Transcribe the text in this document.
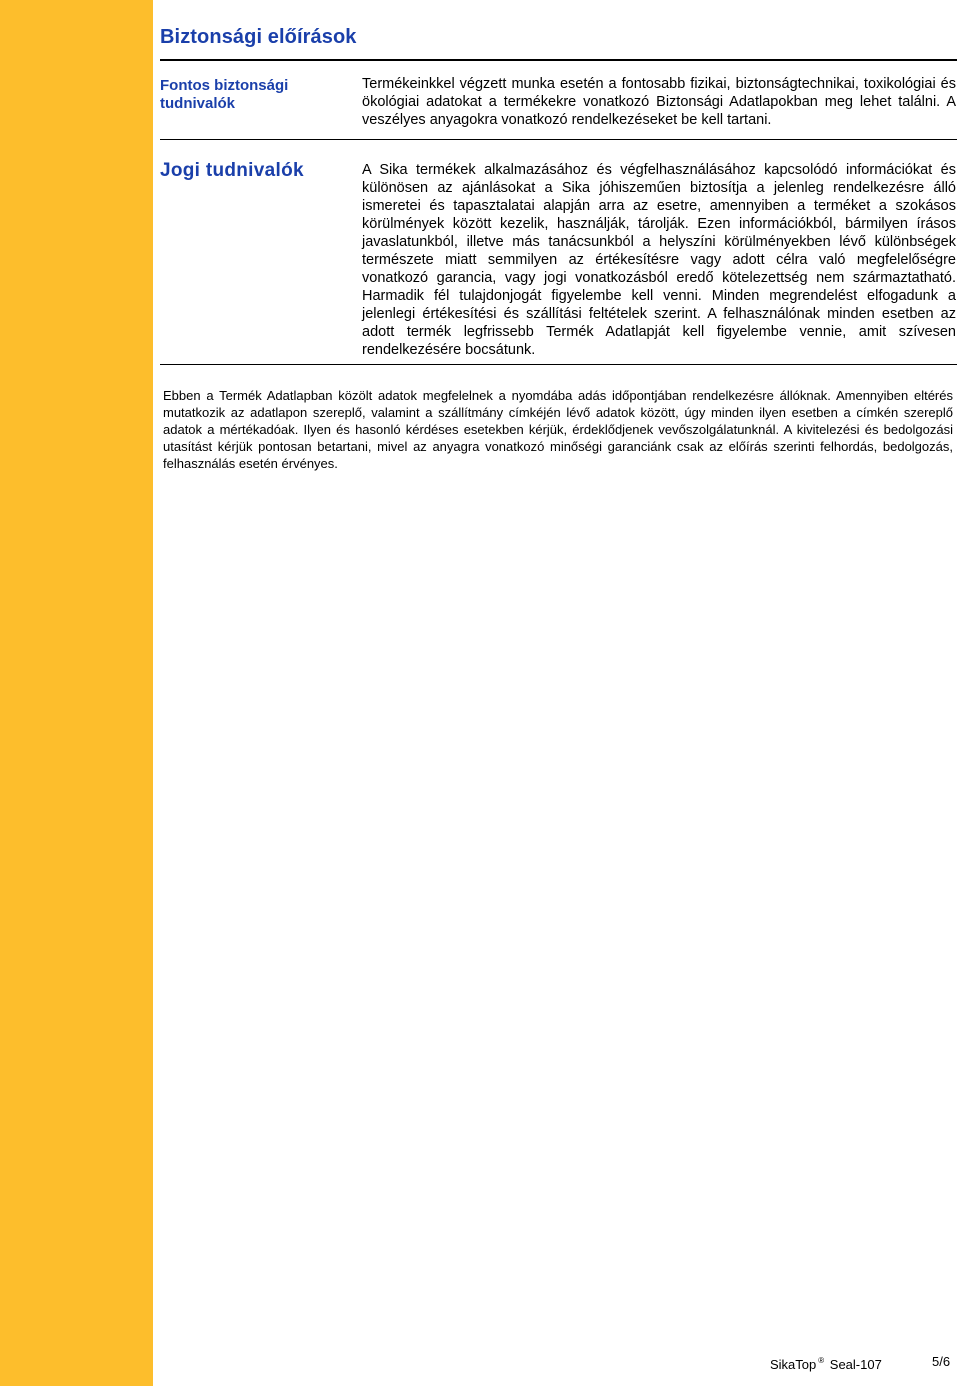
Biztonsági előírások
Fontos biztonsági tudnivalók

Termékeinkkel végzett munka esetén a fontosabb fizikai, biztonságtechnikai, toxikológiai és ökológiai adatokat a termékekre vonatkozó Biztonsági Adatlapokban meg lehet találni. A veszélyes anyagokra vonatkozó rendelkezéseket be kell tartani.

Jogi tudnivalók	A Sika termékek alkalmazásához és végfelhasználásához kapcsolódó információkat és különösen az ajánlásokat a Sika jóhiszeműen biztosítja a jelenleg rendelkezésre álló ismeretei és tapasztalatai alapján arra az esetre, amennyiben a terméket a szokásos körülmények között kezelik, használják, tárolják. Ezen információkból, bármilyen írásos javaslatunkból, illetve más tanácsunkból a helyszíni körülményekben lévő különbségek természete miatt semmilyen az értékesítésre vagy adott célra való megfelelőségre vonatkozó garancia, vagy jogi vonatkozásból eredő kötelezettség nem származtatható. Harmadik fél tulajdonjogát figyelembe kell venni. Minden megrendelést elfogadunk a jelenlegi értékesítési és szállítási feltételek szerint. A felhasználónak minden esetben az adott termék legfrissebb Termék Adatlapját kell figyelembe vennie, amit szívesen rendelkezésére bocsátunk.

Ebben a Termék Adatlapban közölt adatok megfelelnek a nyomdába adás időpontjában rendelkezésre állóknak. Amennyiben eltérés mutatkozik az adatlapon szereplő, valamint a szállítmány címkéjén lévő adatok között, úgy minden ilyen esetben a címkén szereplő adatok a mértékadóak. Ilyen és hasonló kérdéses esetekben kérjük, érdeklődjenek vevőszolgálatunknál. A kivitelezési és bedolgozási utasítást kérjük pontosan betartani, mivel az anyagra vonatkozó minőségi garanciánk csak az előírás szerinti felhordás, bedolgozás, felhasználás esetén érvényes.

SikaTop ® Seal-107	5/6
